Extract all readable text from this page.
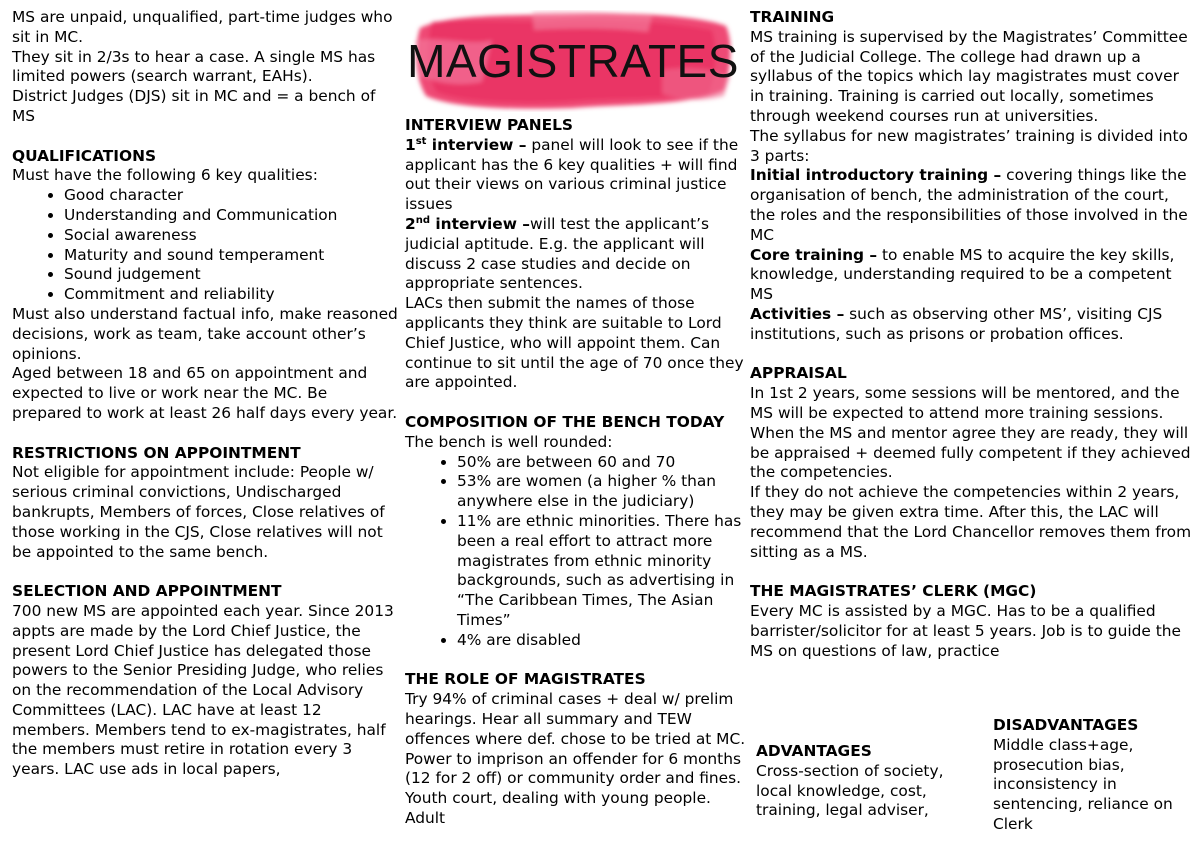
MAGISTRATES

MS are unpaid, unqualified, part-time judges who sit in MC.

They sit in 2/3s to hear a case. A single MS has limited powers (search warrant, EAHs).

District Judges (DJS) sit in MC and = a bench of MS

QUALIFICATIONS

Must have the following 6 key qualities:

• Good character
• Understanding and Communication
• Social awareness
• Maturity and sound temperament
• Sound judgement
• Commitment and reliability

Must also understand factual info, make reasoned decisions, work as team, take account other’s opinions.

Aged between 18 and 65 on appointment and expected to live or work near the MC. Be prepared to work at least 26 half days every year.

RESTRICTIONS ON APPOINTMENT

Not eligible for appointment include: People w/ serious criminal convictions, Undischarged bankrupts, Members of forces, Close relatives of those working in the CJS, Close relatives will not be appointed to the same bench.

SELECTION AND APPOINTMENT

700 new MS are appointed each year. Since 2013 appts are made by the Lord Chief Justice, the present Lord Chief Justice has delegated those powers to the Senior Presiding Judge, who relies on the recommendation of the Local Advisory Committees (LAC). LAC have at least 12 members. Members tend to ex-magistrates, half the members must retire in rotation every 3 years. LAC use ads in local papers,

INTERVIEW PANELS

1st interview – panel will look to see if the applicant has the 6 key qualities + will find out their views on various criminal justice issues

2nd interview –will test the applicant’s judicial aptitude. E.g. the applicant will discuss 2 case studies and decide on appropriate sentences.

LACs then submit the names of those applicants they think are suitable to Lord Chief Justice, who will appoint them. Can continue to sit until the age of 70 once they are appointed.

COMPOSITION OF THE BENCH TODAY

The bench is well rounded:

• 50% are between 60 and 70
• 53% are women (a higher % than anywhere else in the judiciary)
• 11% are ethnic minorities. There has been a real effort to attract more magistrates from ethnic minority backgrounds, such as advertising in “The Caribbean Times, The Asian Times”
• 4% are disabled

THE ROLE OF MAGISTRATES

Try 94% of criminal cases + deal w/ prelim hearings. Hear all summary and TEW offences where def. chose to be tried at MC. Power to imprison an offender for 6 months (12 for 2 off) or community order and fines. Youth court, dealing with young people. Adult

TRAINING

MS training is supervised by the Magistrates’ Committee of the Judicial College. The college had drawn up a syllabus of the topics which lay magistrates must cover in training. Training is carried out locally, sometimes through weekend courses run at universities.

The syllabus for new magistrates’ training is divided into 3 parts:

Initial introductory training – covering things like the organisation of bench, the administration of the court, the roles and the responsibilities of those involved in the MC

Core training – to enable MS to acquire the key skills, knowledge, understanding required to be a competent MS

Activities – such as observing other MS’, visiting CJS institutions, such as prisons or probation offices.

APPRAISAL

In 1st 2 years, some sessions will be mentored, and the MS will be expected to attend more training sessions. When the MS and mentor agree they are ready, they will be appraised + deemed fully competent if they achieved the competencies.

If they do not achieve the competencies within 2 years, they may be given extra time. After this, the LAC will recommend that the Lord Chancellor removes them from sitting as a MS.

THE MAGISTRATES’ CLERK (MGC)

Every MC is assisted by a MGC. Has to be a qualified barrister/solicitor for at least 5 years. Job is to guide the MS on questions of law, practice

ADVANTAGES

Cross-section of society, local knowledge, cost, training, legal adviser,

DISADVANTAGES

Middle class+age, prosecution bias, inconsistency in sentencing, reliance on Clerk
